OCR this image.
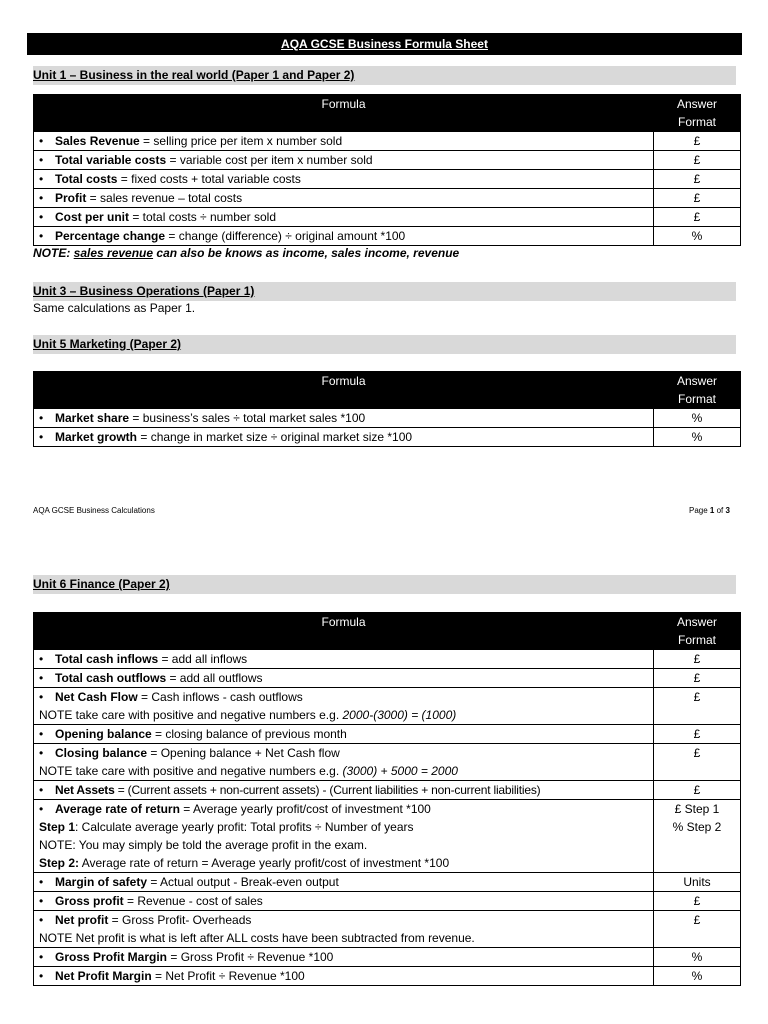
AQA GCSE Business Formula Sheet
Unit 1 – Business in the real world (Paper 1 and Paper 2)
Formula	Answer
Format
• Sales Revenue = selling price per item x number sold	£
• Total variable costs = variable cost per item x number sold	£
• Total costs = fixed costs + total variable costs	£
• Profit = sales revenue – total costs	£
• Cost per unit = total costs ÷ number sold	£
• Percentage change = change (difference) ÷ original amount *100	%
NOTE: sales revenue can also be knows as income, sales income, revenue
Unit 3 – Business Operations (Paper 1)
Same calculations as Paper 1.
Unit 5 Marketing (Paper 2)
Formula	Answer
Format
• Market share = business’s sales ÷ total market sales *100	%
• Market growth = change in market size ÷ original market size *100	%
AQA GCSE Business Calculations	Page 1 of 3
Unit 6 Finance (Paper 2)
Formula	Answer
Format
• Total cash inflows = add all inflows	£
• Total cash outflows = add all outflows	£
• Net Cash Flow = Cash inflows - cash outflows
NOTE take care with positive and negative numbers e.g. 2000-(3000) = (1000)	£
• Opening balance = closing balance of previous month	£
• Closing balance = Opening balance + Net Cash flow
NOTE take care with positive and negative numbers e.g. (3000) + 5000 = 2000	£
• Net Assets = (Current assets + non-current assets) - (Current liabilities + non-current liabilities)	£
• Average rate of return = Average yearly profit/cost of investment *100
Step 1: Calculate average yearly profit: Total profits ÷ Number of years
NOTE: You may simply be told the average profit in the exam.
Step 2: Average rate of return = Average yearly profit/cost of investment *100	£ Step 1
% Step 2
• Margin of safety = Actual output - Break-even output	Units
• Gross profit = Revenue - cost of sales	£
• Net profit = Gross Profit- Overheads
NOTE Net profit is what is left after ALL costs have been subtracted from revenue.	£
• Gross Profit Margin = Gross Profit ÷ Revenue *100	%
• Net Profit Margin = Net Profit ÷ Revenue *100	%
